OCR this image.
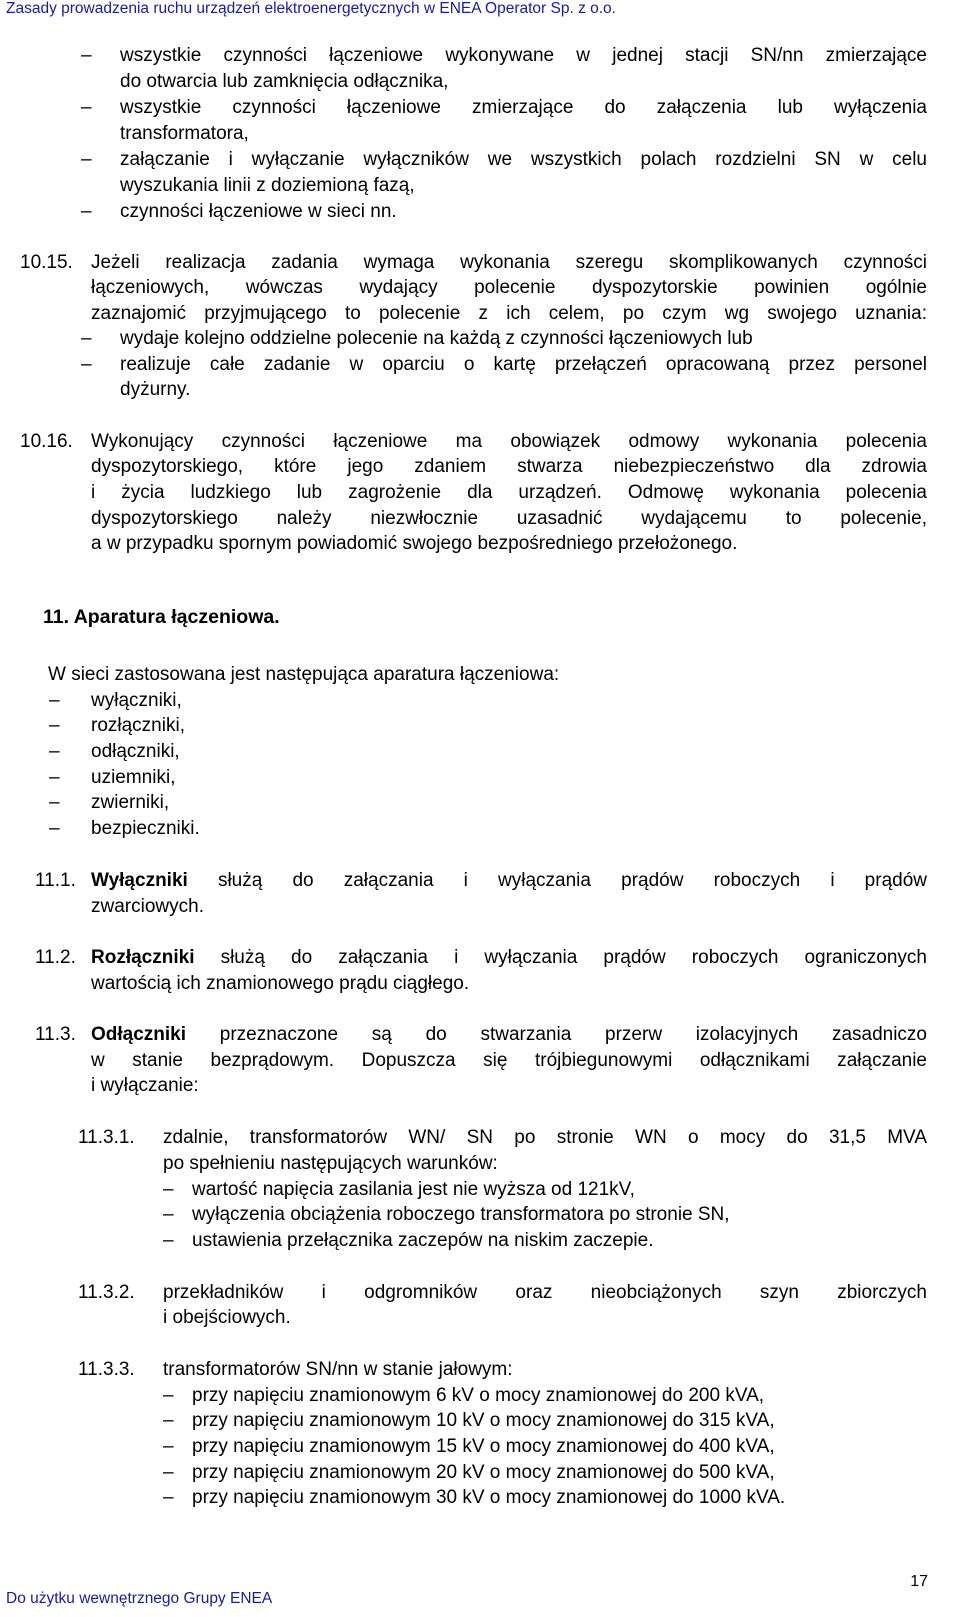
Zasady prowadzenia ruchu urządzeń elektroenergetycznych w ENEA Operator Sp. z o.o.
– wszystkie czynności łączeniowe wykonywane w jednej stacji SN/nn zmierzające
do otwarcia lub zamknięcia odłącznika,
– wszystkie czynności łączeniowe zmierzające do załączenia lub wyłączenia
transformatora,
– załączanie i wyłączanie wyłączników we wszystkich polach rozdzielni SN w celu
wyszukania linii z doziemioną fazą,
– czynności łączeniowe w sieci nn.
10.15. Jeżeli realizacja zadania wymaga wykonania szeregu skomplikowanych czynności
łączeniowych, wówczas wydający polecenie dyspozytorskie powinien ogólnie
zaznajomić przyjmującego to polecenie z ich celem, po czym wg swojego uznania:
– wydaje kolejno oddzielne polecenie na każdą z czynności łączeniowych lub
– realizuje całe zadanie w oparciu o kartę przełączeń opracowaną przez personel
dyżurny.
10.16. Wykonujący czynności łączeniowe ma obowiązek odmowy wykonania polecenia
dyspozytorskiego, które jego zdaniem stwarza niebezpieczeństwo dla zdrowia
i życia ludzkiego lub zagrożenie dla urządzeń. Odmowę wykonania polecenia
dyspozytorskiego należy niezwłocznie uzasadnić wydającemu to polecenie,
a w przypadku spornym powiadomić swojego bezpośredniego przełożonego.
11. Aparatura łączeniowa.
W sieci zastosowana jest następująca aparatura łączeniowa:
– wyłączniki,
– rozłączniki,
– odłączniki,
– uziemniki,
– zwierniki,
– bezpieczniki.
11.1. Wyłączniki służą do załączania i wyłączania prądów roboczych i prądów
zwarciowych.
11.2. Rozłączniki służą do załączania i wyłączania prądów roboczych ograniczonych
wartością ich znamionowego prądu ciągłego.
11.3. Odłączniki przeznaczone są do stwarzania przerw izolacyjnych zasadniczo
w stanie bezprądowym. Dopuszcza się trójbiegunowymi odłącznikami załączanie
i wyłączanie:
11.3.1. zdalnie, transformatorów WN/ SN po stronie WN o mocy do 31,5 MVA
po spełnieniu następujących warunków:
– wartość napięcia zasilania jest nie wyższa od 121kV,
– wyłączenia obciążenia roboczego transformatora po stronie SN,
– ustawienia przełącznika zaczepów na niskim zaczepie.
11.3.2. przekładników i odgromników oraz nieobciążonych szyn zbiorczych
i obejściowych.
11.3.3. transformatorów SN/nn w stanie jałowym:
– przy napięciu znamionowym 6 kV o mocy znamionowej do 200 kVA,
– przy napięciu znamionowym 10 kV o mocy znamionowej do 315 kVA,
– przy napięciu znamionowym 15 kV o mocy znamionowej do 400 kVA,
– przy napięciu znamionowym 20 kV o mocy znamionowej do 500 kVA,
– przy napięciu znamionowym 30 kV o mocy znamionowej do 1000 kVA.
17
Do użytku wewnętrznego Grupy ENEA
